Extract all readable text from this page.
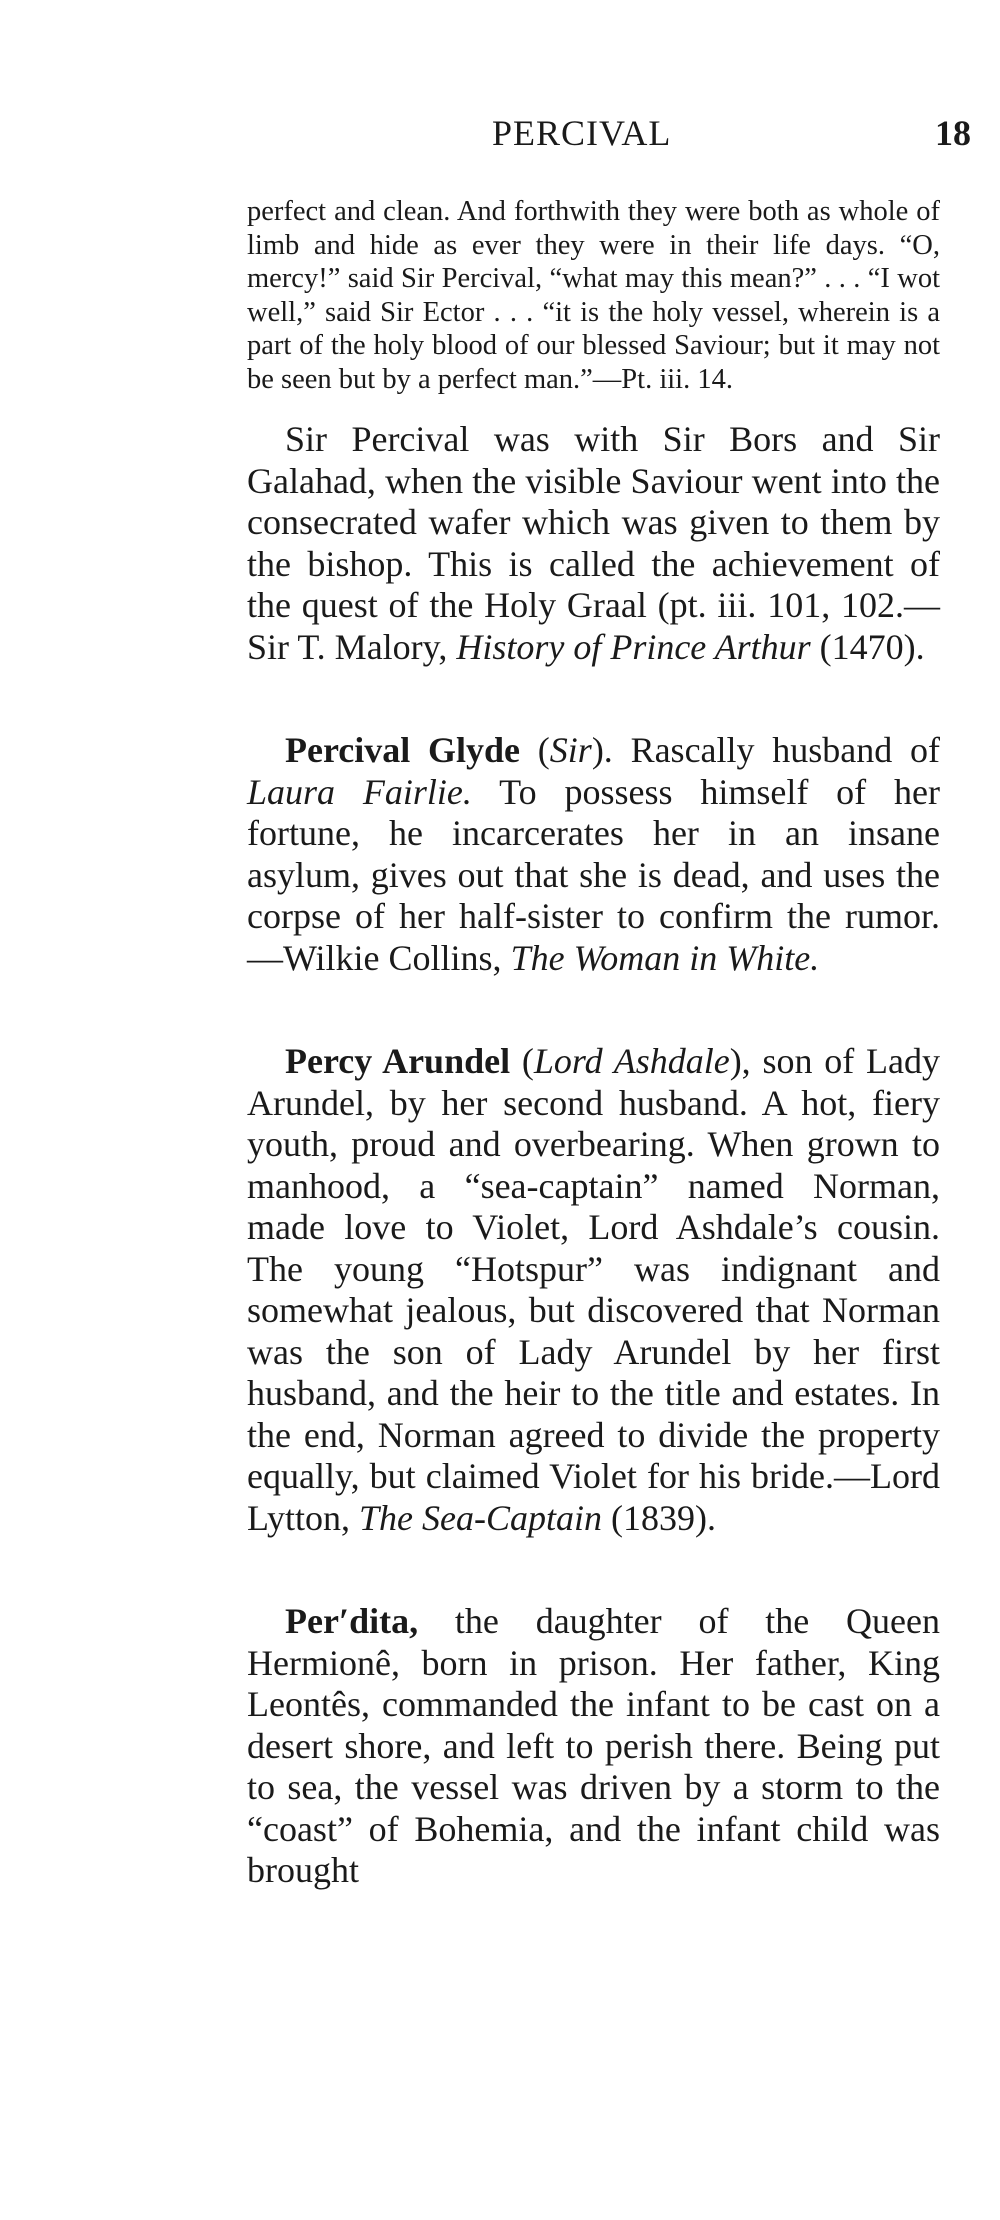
PERCIVAL	18

perfect and clean. And forthwith they were both as whole of limb and hide as ever they were in their life days. “O, mercy!” said Sir Percival, “what may this mean?” . . . “I wot well,” said Sir Ector . . . “it is the holy vessel, wherein is a part of the holy blood of our blessed Saviour; but it may not be seen but by a perfect man.”—Pt. iii. 14.

Sir Percival was with Sir Bors and Sir Galahad, when the visible Saviour went into the consecrated wafer which was given to them by the bishop. This is called the achievement of the quest of the Holy Graal (pt. iii. 101, 102.—Sir T. Malory, History of Prince Arthur (1470).

Percival Glyde (Sir). Rascally husband of Laura Fairlie. To possess himself of her fortune, he incarcerates her in an insane asylum, gives out that she is dead, and uses the corpse of her half-sister to confirm the rumor.—Wilkie Collins, The Woman in White.

Percy Arundel (Lord Ashdale), son of Lady Arundel, by her second husband. A hot, fiery youth, proud and overbearing. When grown to manhood, a “sea-captain” named Norman, made love to Violet, Lord Ashdale’s cousin. The young “Hotspur” was indignant and somewhat jealous, but discovered that Norman was the son of Lady Arundel by her first husband, and the heir to the title and estates. In the end, Norman agreed to divide the property equally, but claimed Violet for his bride.—Lord Lytton, The Sea-Captain (1839).

Per′dita, the daughter of the Queen Hermionê, born in prison. Her father, King Leontês, commanded the infant to be cast on a desert shore, and left to perish there. Being put to sea, the vessel was driven by a storm to the “coast” of Bohemia, and the infant child was brought
